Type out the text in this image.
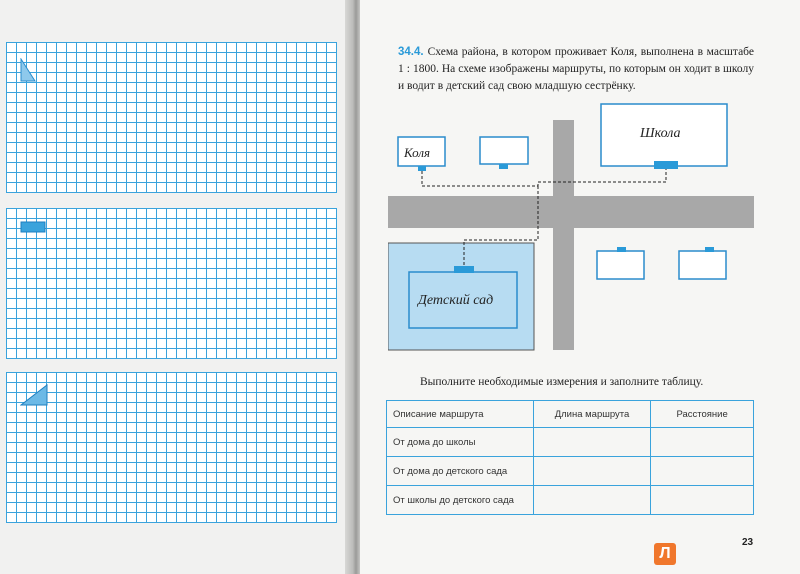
34.4. Схема района, в котором проживает Коля, выполнена в масштабе 1 : 1800. На схеме изображены маршруты, по которым он ходит в школу и водит в детский сад свою младшую сестрёнку.
Детский сад
Коля
Школа
Выполните необходимые измерения и заполните таблицу.
Описание маршрута	Длина маршрута	Расстояние
От дома до школы		
От дома до детского сада		
От школы до детского сада		
Л
23
